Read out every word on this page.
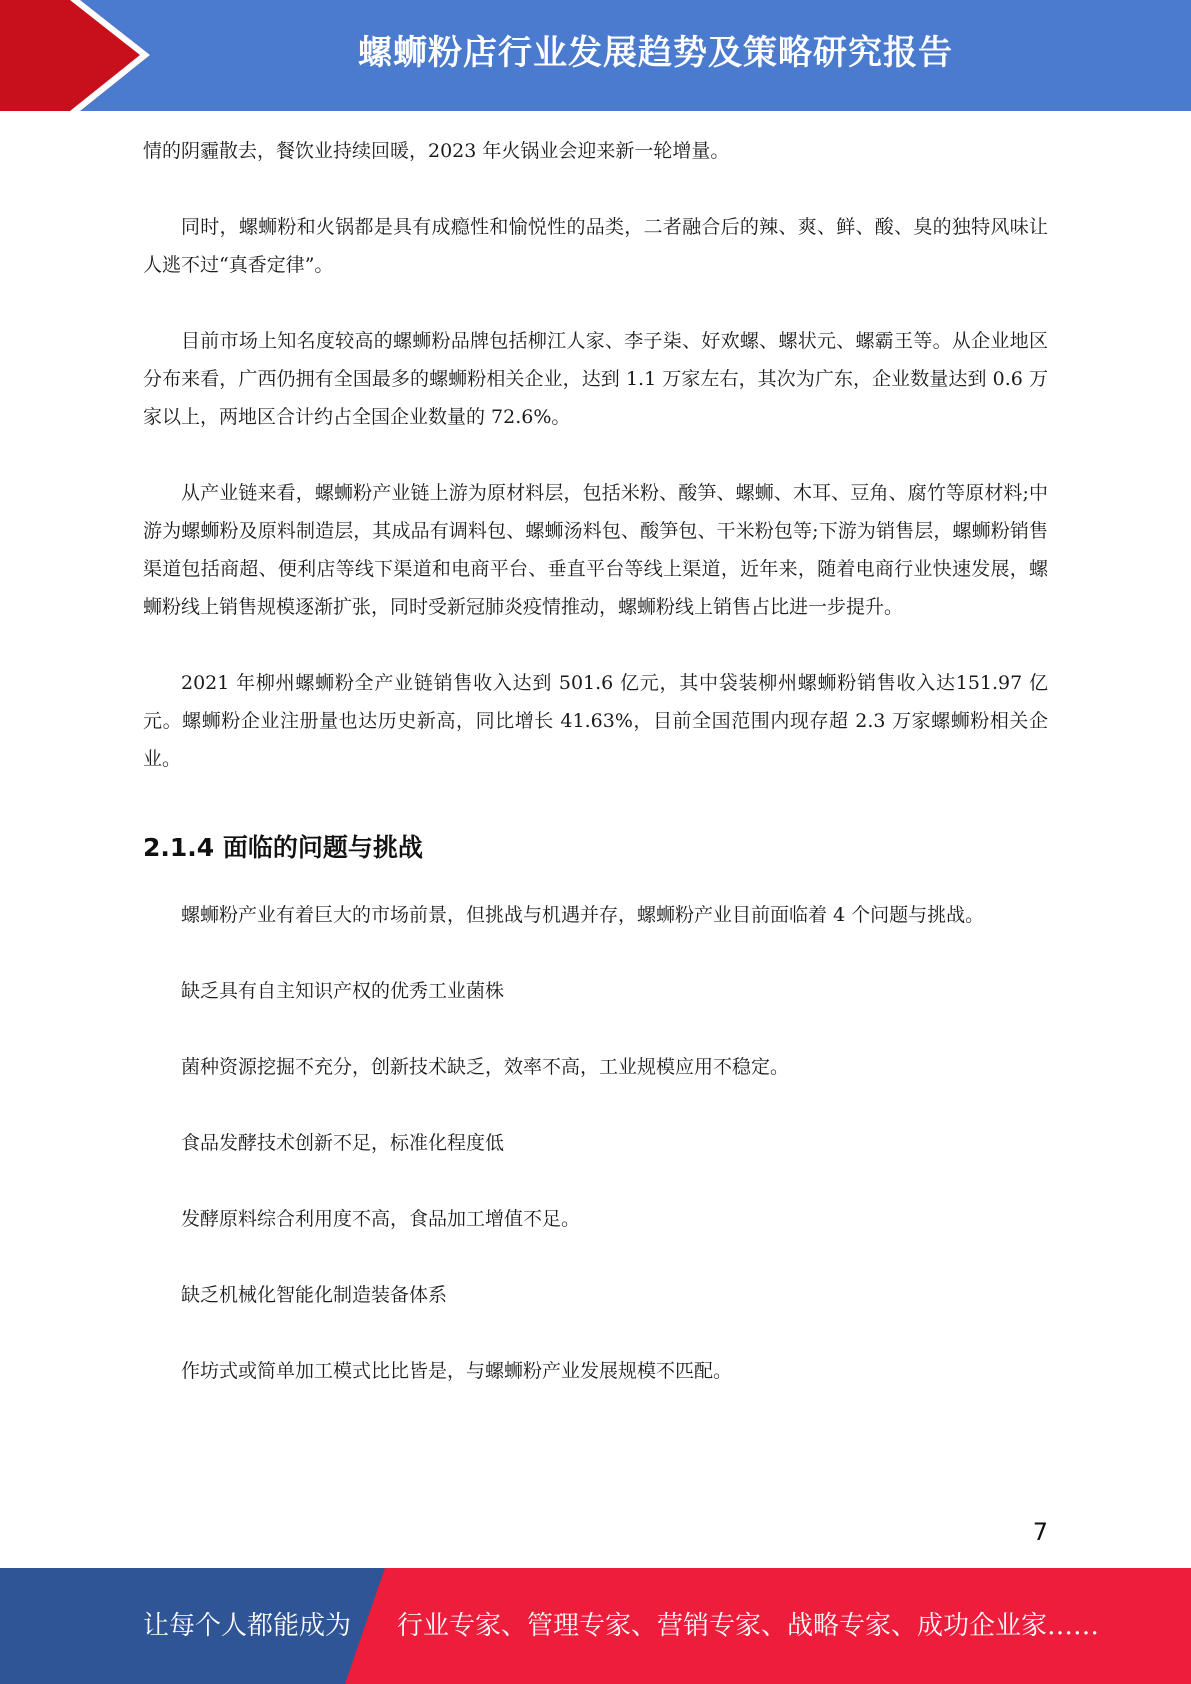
螺蛳粉店行业发展趋势及策略研究报告

情的阴霾散去，餐饮业持续回暖，2023 年火锅业会迎来新一轮增量。

同时，螺蛳粉和火锅都是具有成瘾性和愉悦性的品类，二者融合后的辣、爽、鲜、酸、臭的独特风味让人逃不过“真香定律”。

目前市场上知名度较高的螺蛳粉品牌包括柳江人家、李子柒、好欢螺、螺状元、螺霸王等。从企业地区分布来看，广西仍拥有全国最多的螺蛳粉相关企业，达到 1.1 万家左右，其次为广东，企业数量达到 0.6 万家以上，两地区合计约占全国企业数量的 72.6%。

从产业链来看，螺蛳粉产业链上游为原材料层，包括米粉、酸笋、螺蛳、木耳、豆角、腐竹等原材料;中游为螺蛳粉及原料制造层，其成品有调料包、螺蛳汤料包、酸笋包、干米粉包等;下游为销售层，螺蛳粉销售渠道包括商超、便利店等线下渠道和电商平台、垂直平台等线上渠道，近年来，随着电商行业快速发展，螺蛳粉线上销售规模逐渐扩张，同时受新冠肺炎疫情推动，螺蛳粉线上销售占比进一步提升。

2021 年柳州螺蛳粉全产业链销售收入达到 501.6 亿元，其中袋装柳州螺蛳粉销售收入达151.97 亿元。螺蛳粉企业注册量也达历史新高，同比增长 41.63%，目前全国范围内现存超 2.3 万家螺蛳粉相关企业。

2.1.4 面临的问题与挑战

螺蛳粉产业有着巨大的市场前景，但挑战与机遇并存，螺蛳粉产业目前面临着 4 个问题与挑战。

缺乏具有自主知识产权的优秀工业菌株

菌种资源挖掘不充分，创新技术缺乏，效率不高，工业规模应用不稳定。

食品发酵技术创新不足，标准化程度低

发酵原料综合利用度不高，食品加工增值不足。

缺乏机械化智能化制造装备体系

作坊式或简单加工模式比比皆是，与螺蛳粉产业发展规模不匹配。

7
让每个人都能成为 行业专家、管理专家、营销专家、战略专家、成功企业家……
